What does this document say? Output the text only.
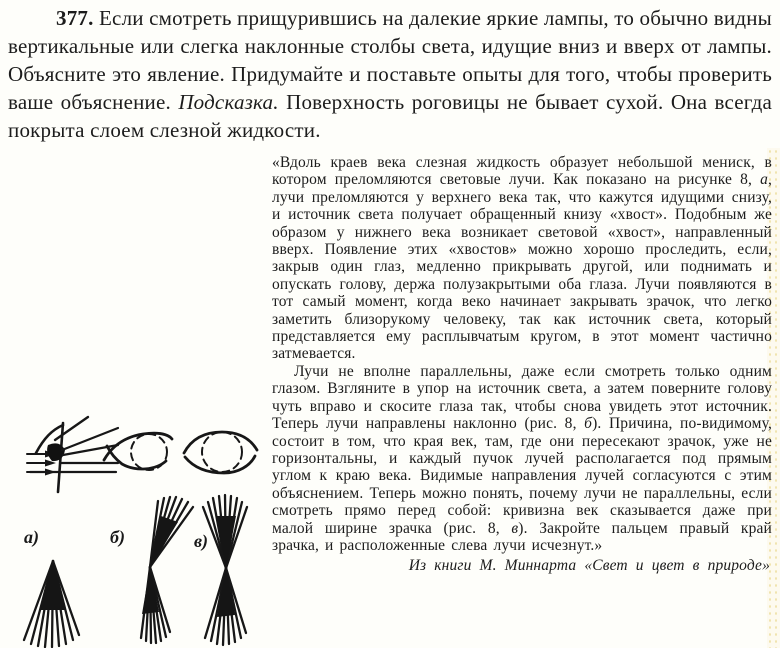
377. Если смотреть прищурившись на далекие яркие лампы, то обычно видны вертикальные или слегка наклонные столбы света, идущие вниз и вверх от лампы. Объясните это явление. Придумайте и поставьте опыты для того, чтобы проверить ваше объяснение. Подсказка. Поверхность роговицы не бывает сухой. Она всегда покрыта слоем слезной жидкости.

«Вдоль краев века слезная жидкость образует небольшой мениск, в котором преломляются световые лучи. Как показано на рисунке 8, а, лучи преломляются у верхнего века так, что кажутся идущими снизу, и источник света получает обращенный книзу «хвост». Подобным же образом у нижнего века возникает световой «хвост», направленный вверх. Появление этих «хвостов» можно хорошо проследить, если, закрыв один глаз, медленно прикрывать другой, или поднимать и опускать голову, держа полузакрытыми оба глаза. Лучи появляются в тот самый момент, когда веко начинает закрывать зрачок, что легко заметить близорукому человеку, так как источник света, который представляется ему расплывчатым кругом, в этот момент частично затмевается.

Лучи не вполне параллельны, даже если смотреть только одним глазом. Взгляните в упор на источник света, а затем поверните голову чуть вправо и скосите глаза так, чтобы снова увидеть этот источник. Теперь лучи направлены наклонно (рис. 8, б). Причина, по-видимому, состоит в том, что края век, там, где они пересекают зрачок, уже не горизонтальны, и каждый пучок лучей располагается под прямым углом к краю века. Видимые направления лучей согласуются с этим объяснением. Теперь можно понять, почему лучи не параллельны, если смотреть прямо перед собой: кривизна век сказывается даже при малой ширине зрачка (рис. 8, в). Закройте пальцем правый край зрачка, и расположенные слева лучи исчезнут.»

Из книги М. Миннарта «Свет и цвет в природе»
а)	б)	в)
